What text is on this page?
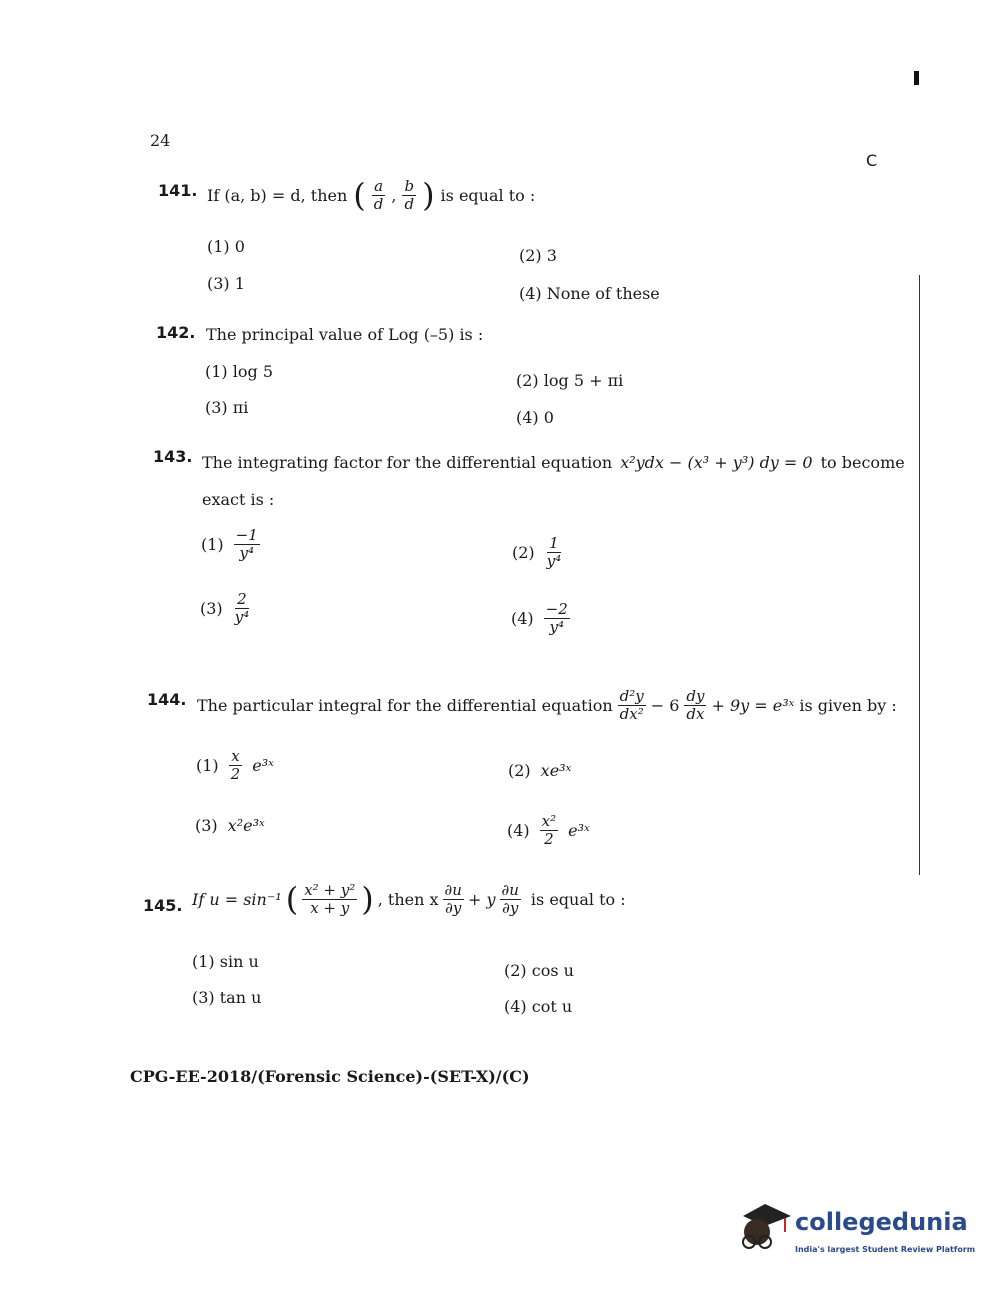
24
C
141. If (a, b) = d, then ( $\frac{a}{d}$ , $\frac{b}{d}$ ) is equal to :
(1) 0	(2) 3
(3) 1
(4) None of these
142. The principal value of Log (–5) is :
(1) log 5	(2) log 5 + πi
(3) πi
(4) 0
143. The integrating factor for the differential equation x²ydx − (x³ + y³) dy = 0 to become
exact is :
$(1) \frac{-1}{\text{y⁴}}$	$(2) \frac{1}{\text{y⁴}}$
$(3) \frac{2}{\text{y⁴}}$	$(4) \frac{-2}{\text{y⁴}}$
144. The particular integral for the differential equation $\frac{\text{d²y}}{\text{dx²}} - 6 \frac{dy}{dx} + 9y$ = e³ˣ is given by :
$(1) \frac{x}{2}$ e³ˣ	(2) xe³ˣ
(3) x²e³ˣ	$(4) \frac{\text{x²}}{2}$ e³ˣ
145. If u = sin⁻¹ ( $\frac{\text{x² + y²}}{x + y}$ ) , then x $\frac{\partial u}{\partial y} + y \frac{\partial u}{\partial y}$ is equal to :
(1) sin u	(2) cos u
(3) tan u	(4) cot u
CPG-EE-2018/(Forensic Science)-(SET-X)/(C)
collegedunia
India's largest Student Review Platform
